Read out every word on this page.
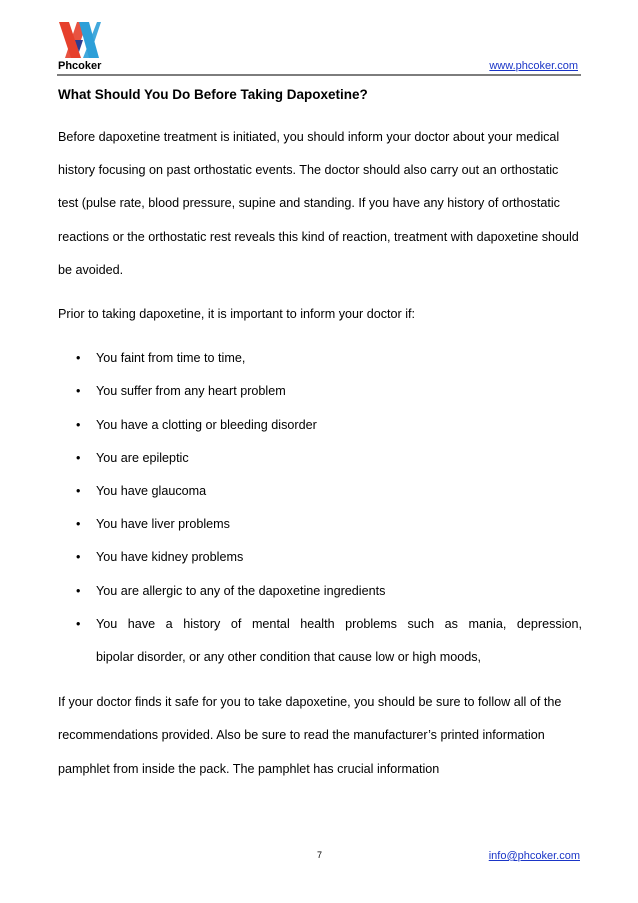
Phcoker	www.phcoker.com
What Should You Do Before Taking Dapoxetine?

Before dapoxetine treatment is initiated, you should inform your doctor about your medical history focusing on past orthostatic events. The doctor should also carry out an orthostatic test (pulse rate, blood pressure, supine and standing. If you have any history of orthostatic reactions or the orthostatic rest reveals this kind of reaction, treatment with dapoxetine should be avoided.

Prior to taking dapoxetine, it is important to inform your doctor if:

• You faint from time to time,
• You suffer from any heart problem
• You have a clotting or bleeding disorder
• You are epileptic
• You have glaucoma
• You have liver problems
• You have kidney problems
• You are allergic to any of the dapoxetine ingredients
• You have a history of mental health problems such as mania, depression,
bipolar disorder, or any other condition that cause low or high moods,

If your doctor finds it safe for you to take dapoxetine, you should be sure to follow all of the recommendations provided. Also be sure to read the manufacturer’s printed information pamphlet from inside the pack. The pamphlet has crucial information

7	info@phcoker.com
